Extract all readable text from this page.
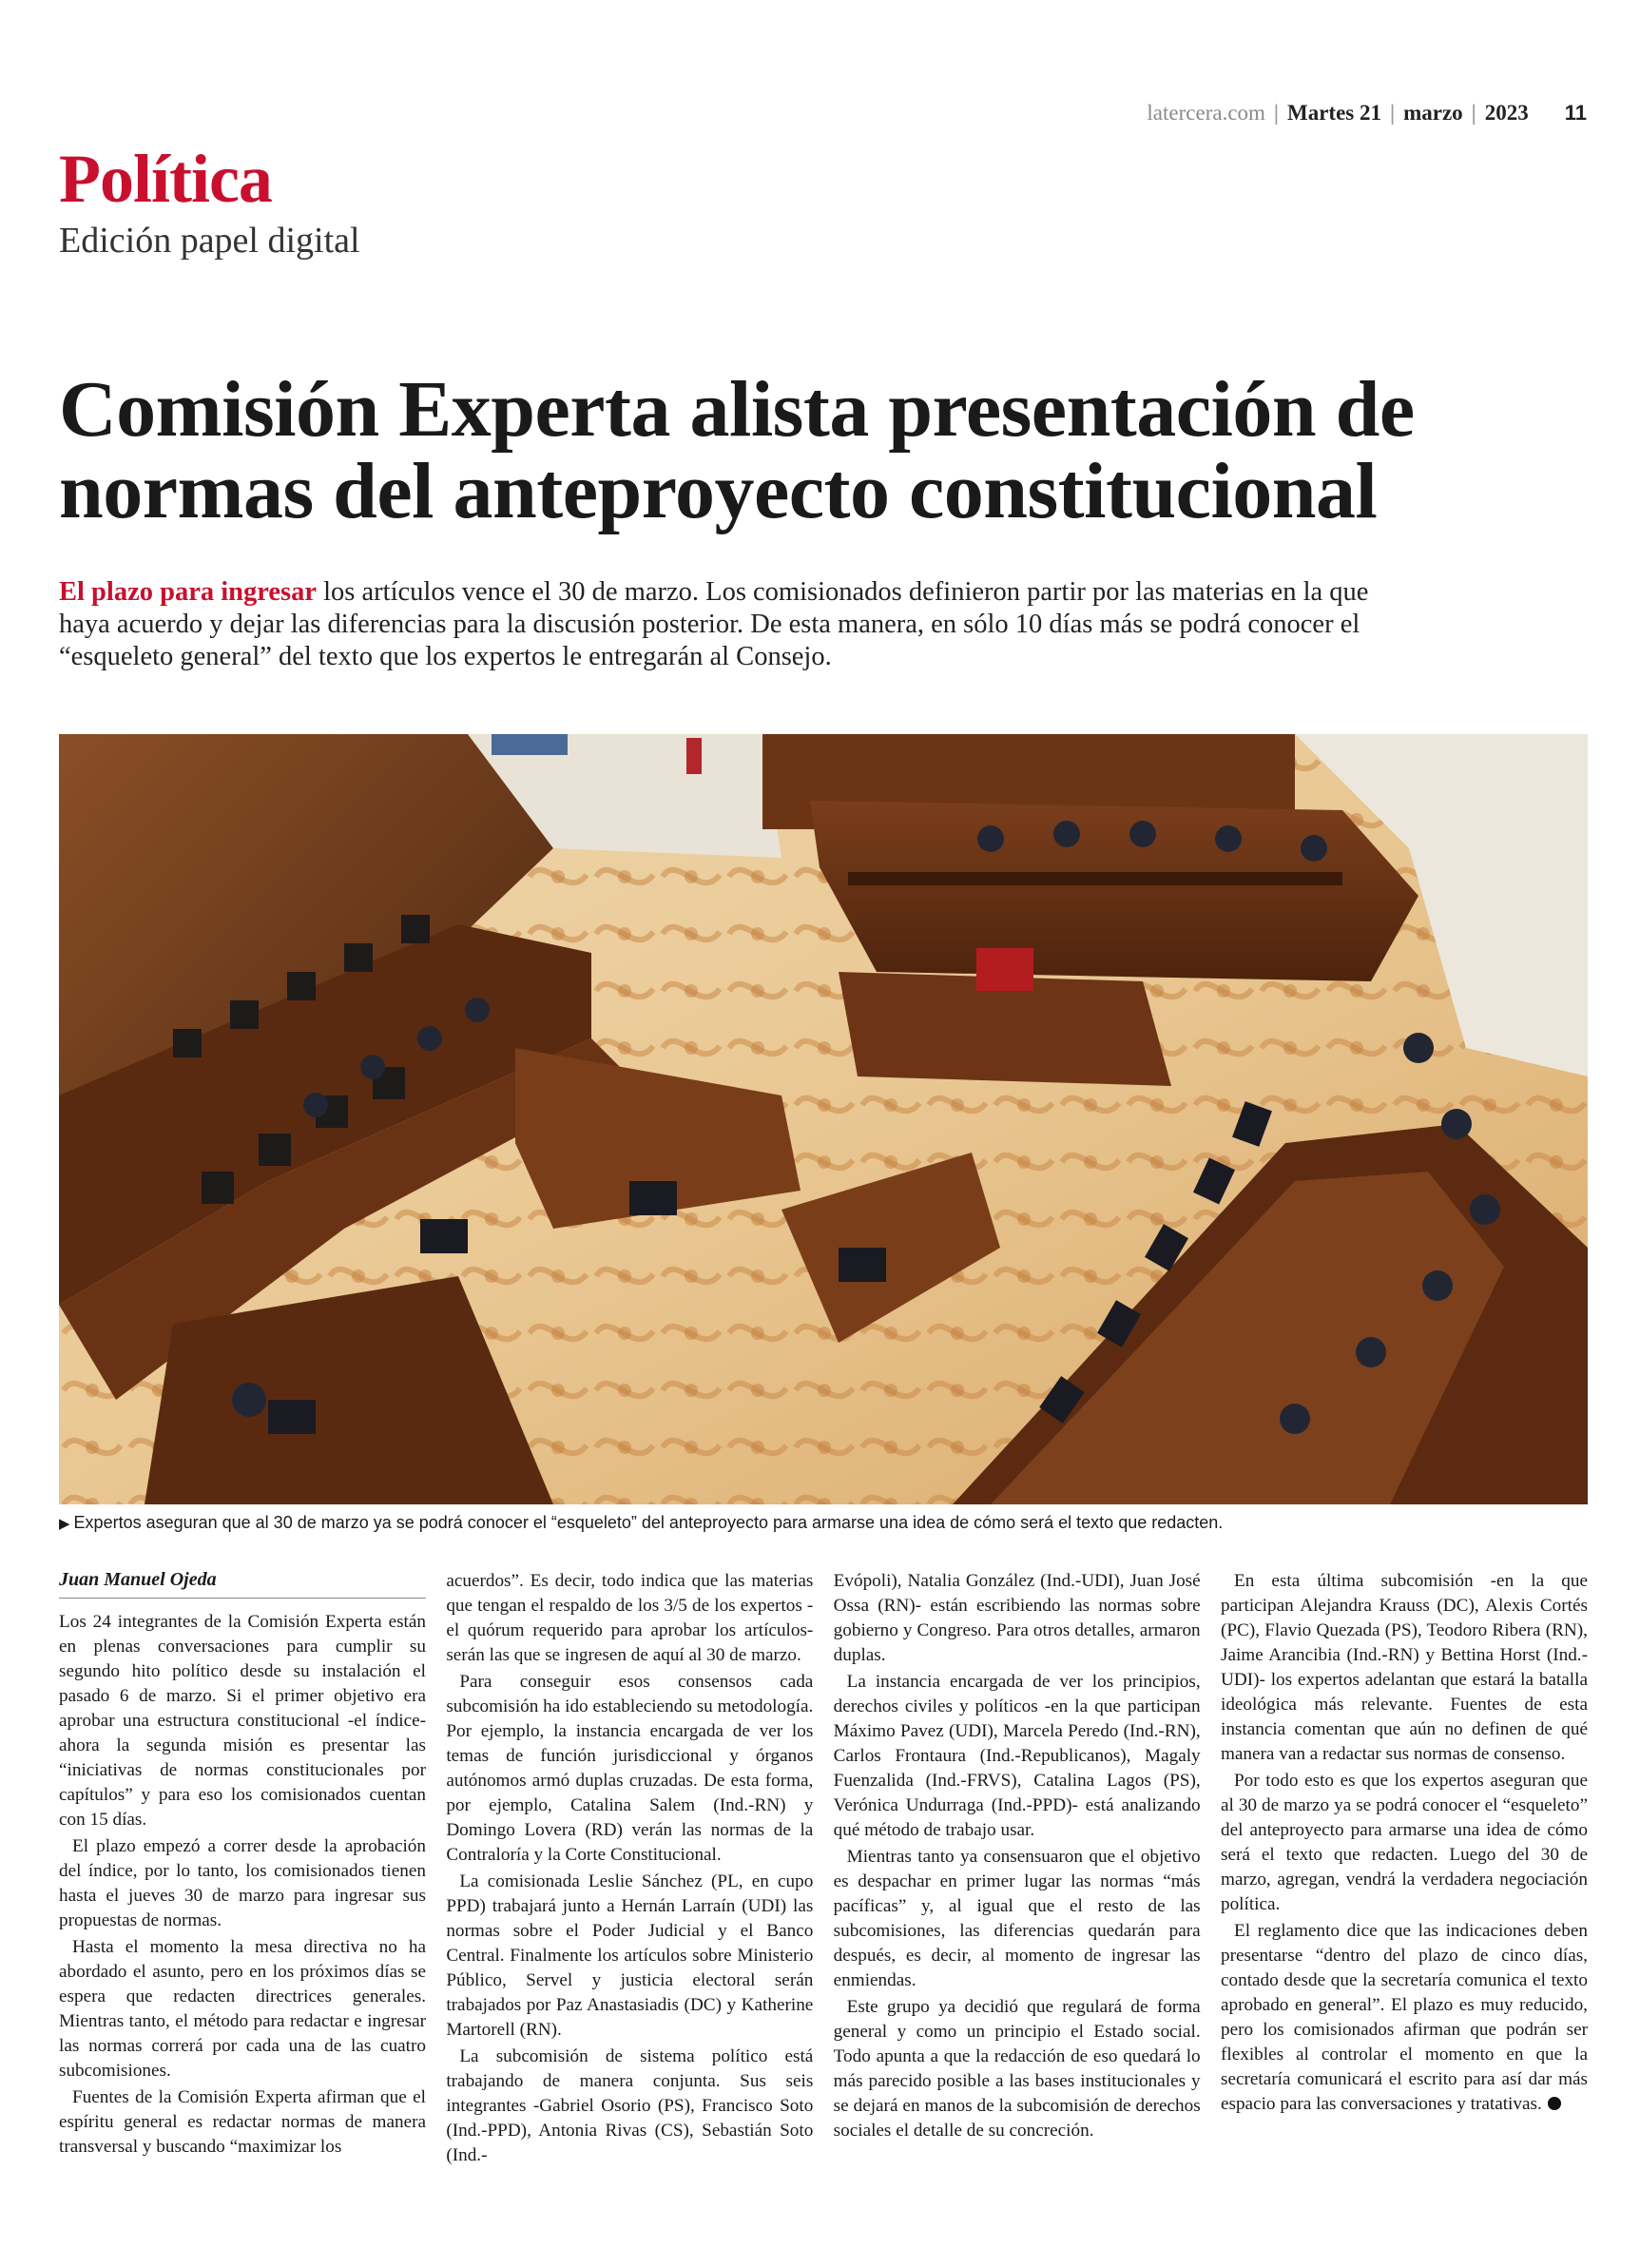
latercera.com | Martes 21 | marzo | 2023 11
Política
Edición papel digital
Comisión Experta alista presentación de
normas del anteproyecto constitucional

El plazo para ingresar los artículos vence el 30 de marzo. Los comisionados definieron partir por las materias en la que haya acuerdo y dejar las diferencias para la discusión posterior. De esta manera, en sólo 10 días más se podrá conocer el “esqueleto general” del texto que los expertos le entregarán al Consejo.

▶ Expertos aseguran que al 30 de marzo ya se podrá conocer el “esqueleto” del anteproyecto para armarse una idea de cómo será el texto que redacten.
Juan Manuel Ojeda

Los 24 integrantes de la Comisión Experta están en plenas conversaciones para cumplir su segundo hito político desde su instalación el pasado 6 de marzo. Si el primer objetivo era aprobar una estructura constitucional -el índice- ahora la segunda misión es presentar las “iniciativas de normas constitucionales por capítulos” y para eso los comisionados cuentan con 15 días.

El plazo empezó a correr desde la aprobación del índice, por lo tanto, los comisionados tienen hasta el jueves 30 de marzo para ingresar sus propuestas de normas.

Hasta el momento la mesa directiva no ha abordado el asunto, pero en los próximos días se espera que redacten directrices generales. Mientras tanto, el método para redactar e ingresar las normas correrá por cada una de las cuatro subcomisiones.

Fuentes de la Comisión Experta afirman que el espíritu general es redactar normas de manera transversal y buscando “maximizar los

acuerdos”. Es decir, todo indica que las materias que tengan el respaldo de los 3/5 de los expertos -el quórum requerido para aprobar los artículos- serán las que se ingresen de aquí al 30 de marzo.

Para conseguir esos consensos cada subcomisión ha ido estableciendo su metodología. Por ejemplo, la instancia encargada de ver los temas de función jurisdiccional y órganos autónomos armó duplas cruzadas. De esta forma, por ejemplo, Catalina Salem (Ind.-RN) y Domingo Lovera (RD) verán las normas de la Contraloría y la Corte Constitucional.

La comisionada Leslie Sánchez (PL, en cupo PPD) trabajará junto a Hernán Larraín (UDI) las normas sobre el Poder Judicial y el Banco Central. Finalmente los artículos sobre Ministerio Público, Servel y justicia electoral serán trabajados por Paz Anastasiadis (DC) y Katherine Martorell (RN).

La subcomisión de sistema político está trabajando de manera conjunta. Sus seis integrantes -Gabriel Osorio (PS), Francisco Soto (Ind.-PPD), Antonia Rivas (CS), Sebastián Soto (Ind.-

Evópoli), Natalia González (Ind.-UDI), Juan José Ossa (RN)- están escribiendo las normas sobre gobierno y Congreso. Para otros detalles, armaron duplas.

La instancia encargada de ver los principios, derechos civiles y políticos -en la que participan Máximo Pavez (UDI), Marcela Peredo (Ind.-RN), Carlos Frontaura (Ind.-Republicanos), Magaly Fuenzalida (Ind.-FRVS), Catalina Lagos (PS), Verónica Undurraga (Ind.-PPD)- está analizando qué método de trabajo usar.

Mientras tanto ya consensuaron que el objetivo es despachar en primer lugar las normas “más pacíficas” y, al igual que el resto de las subcomisiones, las diferencias quedarán para después, es decir, al momento de ingresar las enmiendas.

Este grupo ya decidió que regulará de forma general y como un principio el Estado social. Todo apunta a que la redacción de eso quedará lo más parecido posible a las bases institucionales y se dejará en manos de la subcomisión de derechos sociales el detalle de su concreción.

En esta última subcomisión -en la que participan Alejandra Krauss (DC), Alexis Cortés (PC), Flavio Quezada (PS), Teodoro Ribera (RN), Jaime Arancibia (Ind.-RN) y Bettina Horst (Ind.-UDI)- los expertos adelantan que estará la batalla ideológica más relevante. Fuentes de esta instancia comentan que aún no definen de qué manera van a redactar sus normas de consenso.

Por todo esto es que los expertos aseguran que al 30 de marzo ya se podrá conocer el “esqueleto” del anteproyecto para armarse una idea de cómo será el texto que redacten. Luego del 30 de marzo, agregan, vendrá la verdadera negociación política.

El reglamento dice que las indicaciones deben presentarse “dentro del plazo de cinco días, contado desde que la secretaría comunica el texto aprobado en general”. El plazo es muy reducido, pero los comisionados afirman que podrán ser flexibles al controlar el momento en que la secretaría comunicará el escrito para así dar más espacio para las conversaciones y tratativas.
